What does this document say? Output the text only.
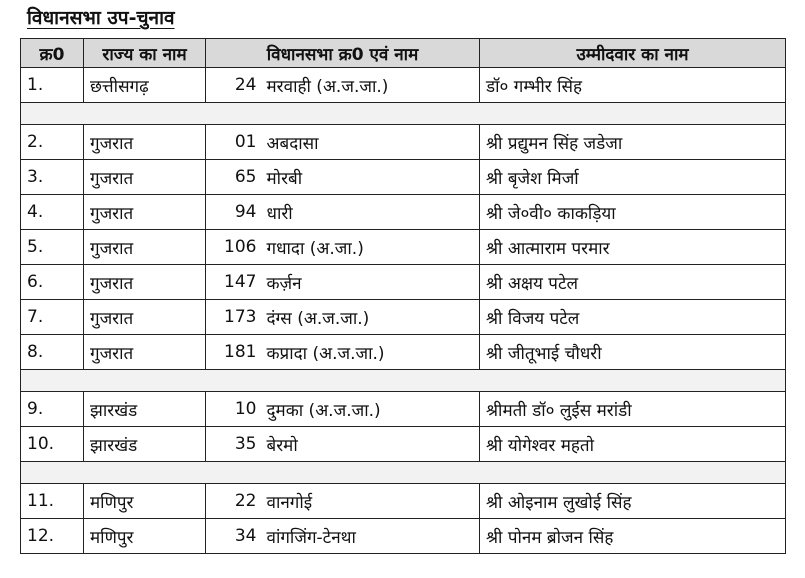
विधानसभा उप-चुनाव
क्र0	राज्य का नाम	विधानसभा क्र0 एवं नाम		उम्मीदवार का नाम
1.	छत्तीसगढ़	24	मरवाही (अ.ज.जा.)	डॉ० गम्भीर सिंह

2.	गुजरात	01	अबदासा	श्री प्रद्युमन सिंह जडेजा
3.	गुजरात	65	मोरबी	श्री बृजेश मिर्जा
4.	गुजरात	94	धारी	श्री जे०वी० काकड़िया
5.	गुजरात	106	गधादा (अ.जा.)	श्री आत्माराम परमार
6.	गुजरात	147	कर्ज़न	श्री अक्षय पटेल
7.	गुजरात	173	दंग्स (अ.ज.जा.)	श्री विजय पटेल
8.	गुजरात	181	कप्रादा (अ.ज.जा.)	श्री जीतूभाई चौधरी

9.	झारखंड	10	दुमका (अ.ज.जा.)	श्रीमती डॉ० लुईस मरांडी
10.	झारखंड	35	बेरमो	श्री योगेश्वर महतो

11.	मणिपुर	22	वानगोई	श्री ओइनाम लुखोई सिंह
12.	मणिपुर	34	वांगजिंग-टेनथा	श्री पोनम ब्रोजन सिंह
